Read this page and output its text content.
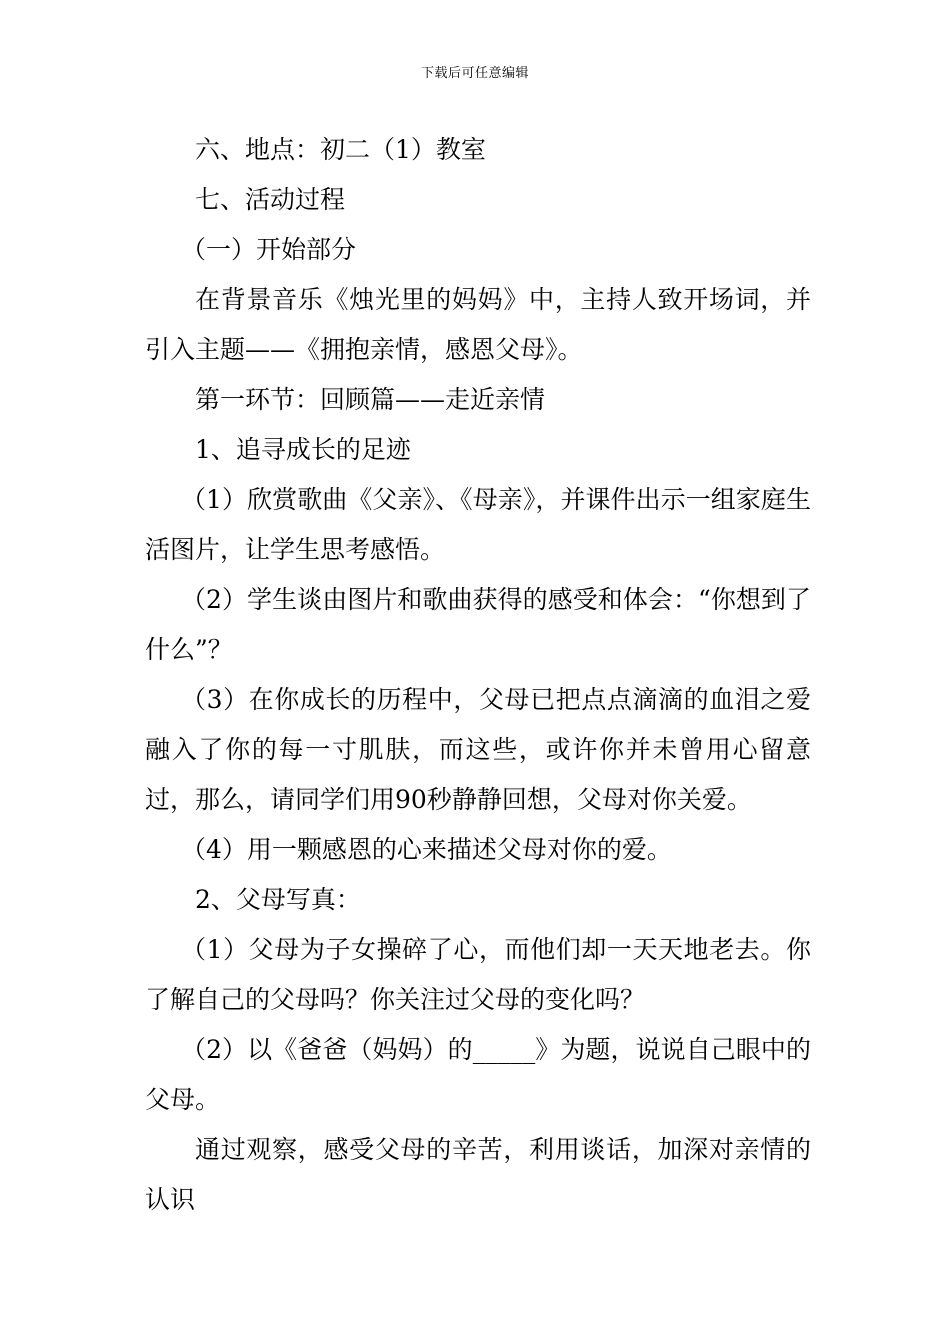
下载后可任意编辑

六、地点：初二（1）教室

七、活动过程

（一）开始部分

在背景音乐《烛光里的妈妈》中，主持人致开场词，并引入主题——《拥抱亲情，感恩父母》。

第一环节：回顾篇——走近亲情

1、追寻成长的足迹

（1）欣赏歌曲《父亲》、《母亲》，并课件出示一组家庭生活图片，让学生思考感悟。

（2）学生谈由图片和歌曲获得的感受和体会：“你想到了什么”？

（3）在你成长的历程中，父母已把点点滴滴的血泪之爱融入了你的每一寸肌肤，而这些，或许你并未曾用心留意过，那么，请同学们用90秒静静回想，父母对你关爱。

（4）用一颗感恩的心来描述父母对你的爱。

2、父母写真：

（1）父母为子女操碎了心，而他们却一天天地老去。你了解自己的父母吗？你关注过父母的变化吗？

（2）以《爸爸（妈妈）的_____》为题，说说自己眼中的父母。

通过观察，感受父母的辛苦，利用谈话，加深对亲情的认识
